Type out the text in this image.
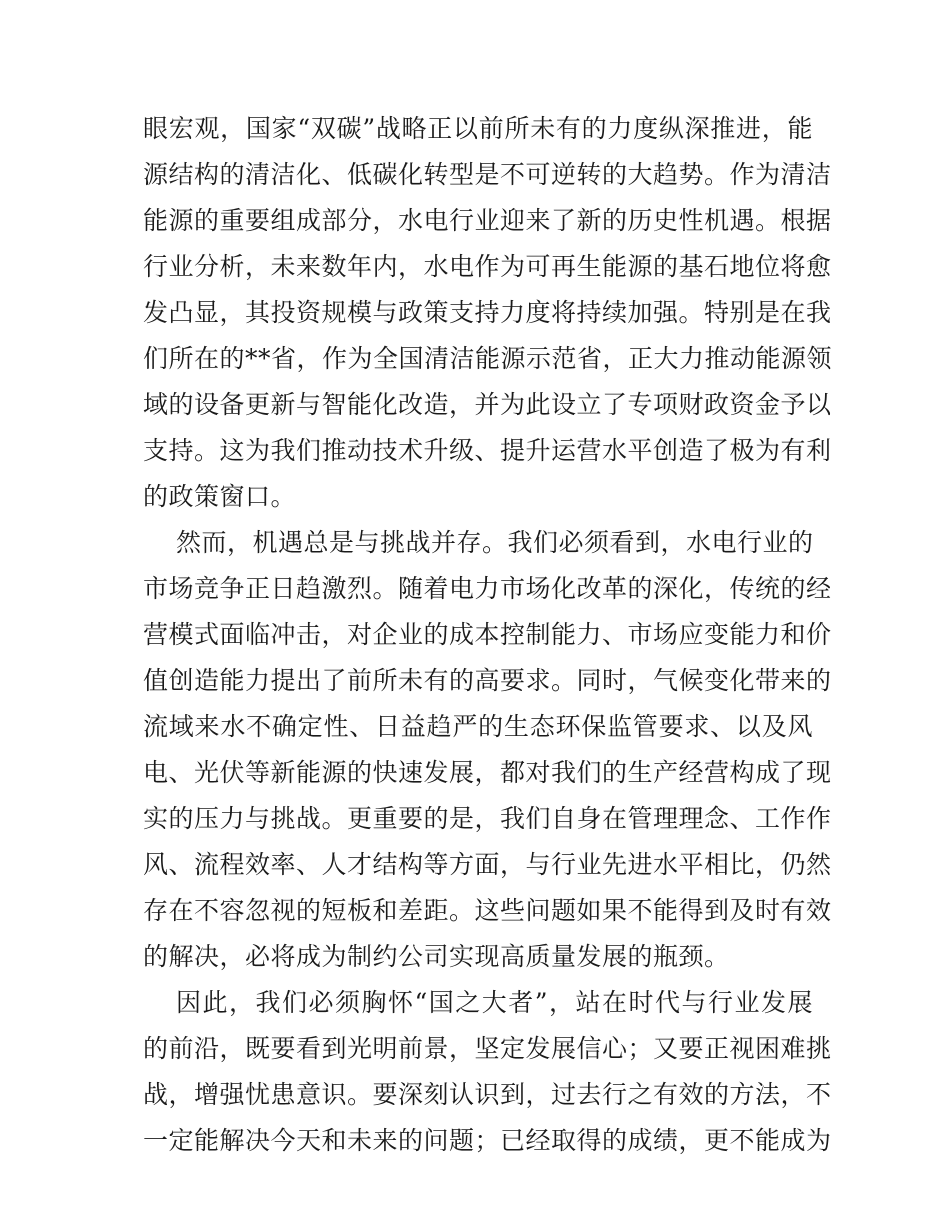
眼宏观，国家“双碳”战略正以前所未有的力度纵深推进，能
源结构的清洁化、低碳化转型是不可逆转的大趋势。作为清洁
能源的重要组成部分，水电行业迎来了新的历史性机遇。根据
行业分析，未来数年内，水电作为可再生能源的基石地位将愈
发凸显，其投资规模与政策支持力度将持续加强。特别是在我
们所在的**省，作为全国清洁能源示范省，正大力推动能源领
域的设备更新与智能化改造，并为此设立了专项财政资金予以
支持。这为我们推动技术升级、提升运营水平创造了极为有利
的政策窗口。
然而，机遇总是与挑战并存。我们必须看到，水电行业的
市场竞争正日趋激烈。随着电力市场化改革的深化，传统的经
营模式面临冲击，对企业的成本控制能力、市场应变能力和价
值创造能力提出了前所未有的高要求。同时，气候变化带来的
流域来水不确定性、日益趋严的生态环保监管要求、以及风
电、光伏等新能源的快速发展，都对我们的生产经营构成了现
实的压力与挑战。更重要的是，我们自身在管理理念、工作作
风、流程效率、人才结构等方面，与行业先进水平相比，仍然
存在不容忽视的短板和差距。这些问题如果不能得到及时有效
的解决，必将成为制约公司实现高质量发展的瓶颈。
因此，我们必须胸怀“国之大者”，站在时代与行业发展
的前沿，既要看到光明前景，坚定发展信心；又要正视困难挑
战，增强忧患意识。要深刻认识到，过去行之有效的方法，不
一定能解决今天和未来的问题；已经取得的成绩，更不能成为
